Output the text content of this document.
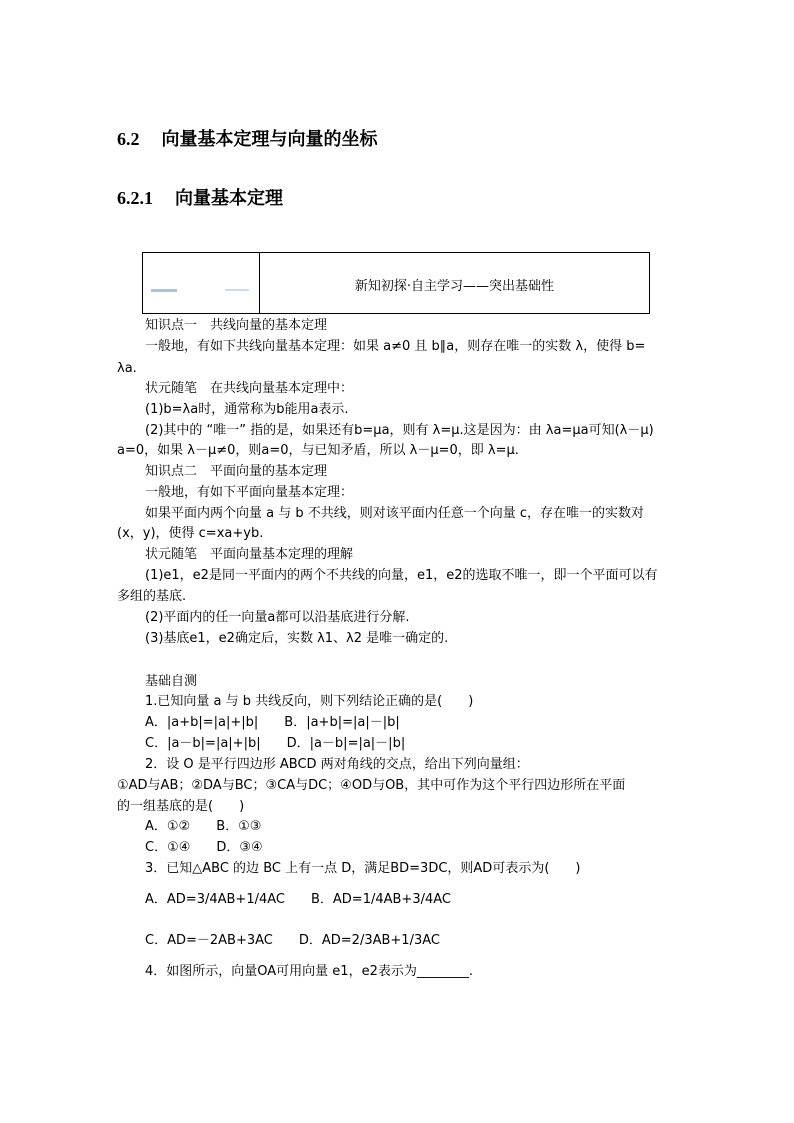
6.2 向量基本定理与向量的坐标
6.2.1 向量基本定理
新知初探·自主学习——突出基础性
知识点一　共线向量的基本定理
一般地，有如下共线向量基本定理：如果 a≠0 且 b∥a，则存在唯一的实数 λ，使得 b=
λa.
状元随笔　在共线向量基本定理中：
(1)b=λa时，通常称为b能用a表示.
(2)其中的 “唯一” 指的是，如果还有b=μa，则有 λ=μ.这是因为：由 λa=μa可知(λ－μ)
a=0，如果 λ－μ≠0，则a=0，与已知矛盾，所以 λ－μ=0，即 λ=μ.
知识点二　平面向量的基本定理
一般地，有如下平面向量基本定理：
如果平面内两个向量 a 与 b 不共线，则对该平面内任意一个向量 c，存在唯一的实数对
(x，y)，使得 c=xa+yb.
状元随笔　平面向量基本定理的理解
(1)e1，e2是同一平面内的两个不共线的向量，e1，e2的选取不唯一，即一个平面可以有
多组的基底.
(2)平面内的任一向量a都可以沿基底进行分解.
(3)基底e1，e2确定后，实数 λ1、λ2 是唯一确定的.
基础自测
1.已知向量 a 与 b 共线反向，则下列结论正确的是(　　)
A．|a+b|=|a|+|b|　　B．|a+b|=|a|－|b|
C．|a－b|=|a|+|b|　　D．|a－b|=|a|－|b|
2．设 O 是平行四边形 ABCD 两对角线的交点，给出下列向量组：
①AD与AB；②DA与BC；③CA与DC；④OD与OB，其中可作为这个平行四边形所在平面
的一组基底的是(　　)
A．①②　　B．①③
C．①④　　D．③④
3．已知△ABC 的边 BC 上有一点 D，满足BD=3DC，则AD可表示为(　　)
A．AD=3/4AB+1/4AC　　B．AD=1/4AB+3/4AC
C．AD=－2AB+3AC　　D．AD=2/3AB+1/3AC
4．如图所示，向量OA可用向量 e1，e2表示为________.
